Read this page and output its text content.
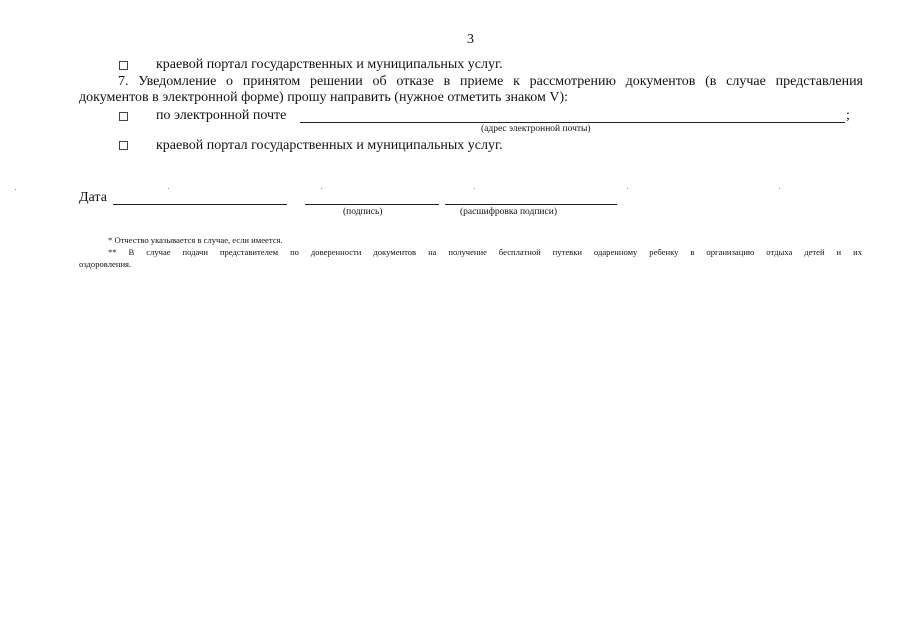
3
краевой портал государственных и муниципальных услуг.
7. Уведомление о принятом решении об отказе в приеме к рассмотрению документов (в случае представления
документов в электронной форме) прошу направить (нужное отметить знаком V):
по электронной почте	;
(адрес электронной почты)
краевой портал государственных и муниципальных услуг.
Дата
(подпись)	(расшифровка подписи)
* Отчество указывается в случае, если имеется.
** В случае подачи представителем по доверенности документов на получение бесплатной путевки одаренному ребенку в организацию отдыха детей и их
оздоровления.
